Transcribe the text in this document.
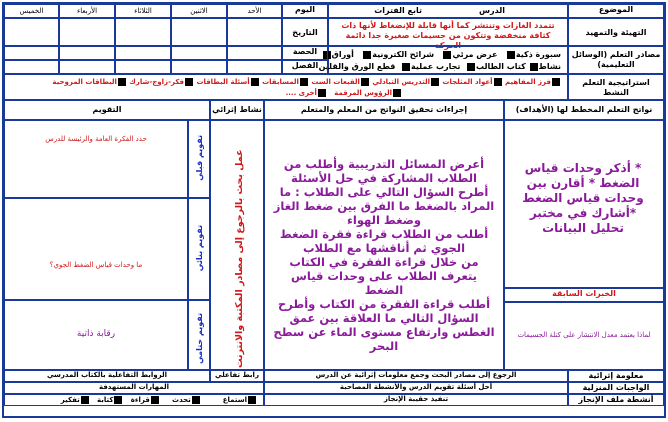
الموضوع
الدرس
تابع الفترات
اليوم
الأحد
الاثنين
الثلاثاء
الأربعاء
الخميس
التهيئة والتمهيد
تتمدد الغازات وتنتشر كما أنها قابلة للإنضغاط لأنها ذات كثافة منخفضة وتتكون من جسيمات صغيرة جدا دائمة الحركة
التاريخ
مصادر التعلم (الوسائل التعليمية)
سبورة ذكية   عرض مرئي   شرائح الكترونية   أوراق
نشاط كتاب الطالب  تجارب عملية  قطع الورق والقلين
الحصة
الفصل
استراتيجية التعلم النشط
فرز المفاهيم أعواد المثلجات التدريس التبادلي القبعات الست المسابقات أسئلة البطاقات فكر-زاوج-شارك البطاقات المروحية
الرؤوس المرقمة   أخرى ....
نواتج التعلم المخطط لها (الأهداف)
إجراءات تحقيق النواتج من المعلم والمتعلم
نشاط إثرائي
التقويم
* أذكر وحدات قياس الضغط * أقارن بين وحدات قياس الضغط *أشارك في مختبر تحليل البيانات
الخبرات السابقة
لماذا يعتمد معدل الانتشار على كتلة الجسيمات
أعرض المسائل التدريبية وأطلب من الطلاب المشاركة في حل الأسئلة
أطرح السؤال التالي على الطلاب : ما المراد بالضغط ما الفرق بين ضغط الغاز وضغط الهواء
أطلب من الطلاب قراءة فقرة الضغط الجوي ثم أناقشها مع الطلاب
من خلال قراءة الفقرة في الكتاب يتعرف الطلاب على وحدات قياس الضغط
أطلب قراءة الفقرة من الكتاب وأطرح السؤال التالي ما العلاقة بين عمق الغطس وارتفاع مستوى الماء عن سطح البحر
عمل بحث بالرجوع إلى مصادر المكتبة والانترنت
تقويم قبلي
حدد الفكرة العامة والرئيسة للدرس
تقويم بنائي
ما وحدات قياس الضغط الجوي؟
تقويم ختامي
رقابة ذاتية
معلومة إثرائية
الرجوع إلى مصادر البحث وجمع معلومات إثرائية عن الدرس
رابط تفاعلي
الروابط التفاعلية بالكتاب المدرسي
الواجبات المنزلية
أحل أسئلة تقويم الدرس والأنشطة المصاحبة
المهارات المستهدفة
أنشطة ملف الإنجاز
تنفيذ حقيبة الإنجاز
استماع         تحدث     قراءة   كتابة   تفكير
